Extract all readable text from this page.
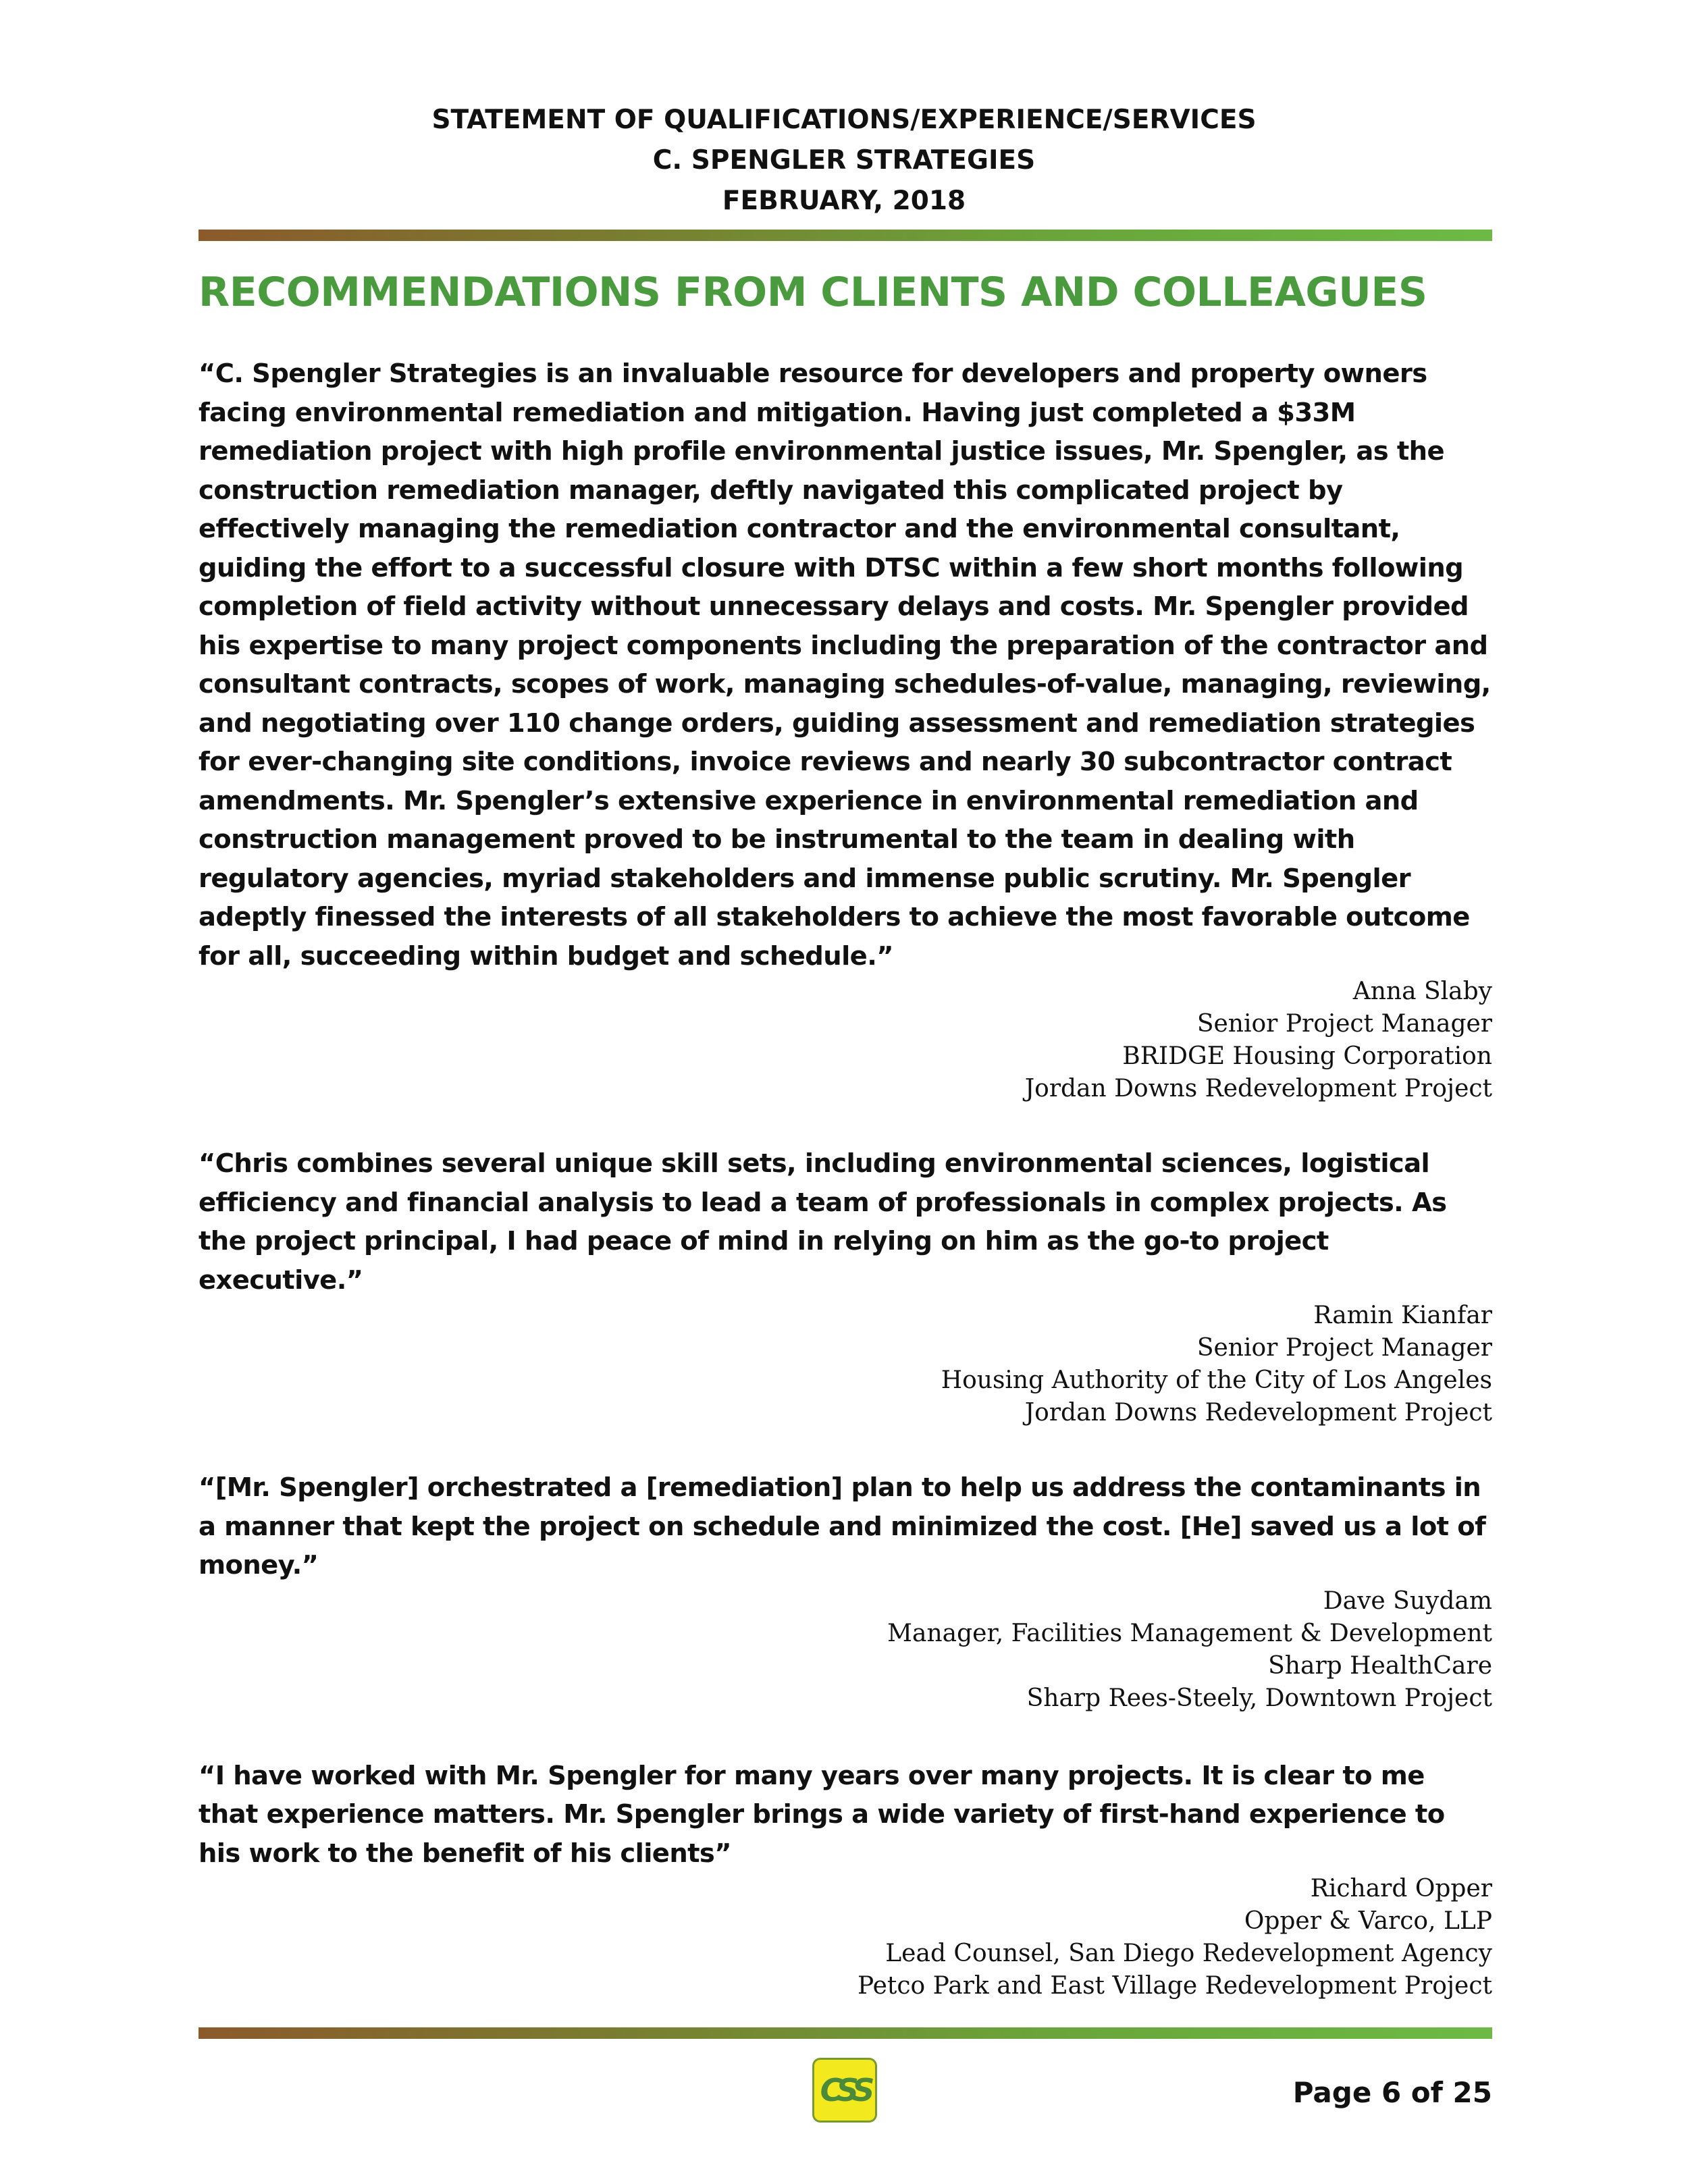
STATEMENT OF QUALIFICATIONS/EXPERIENCE/SERVICES
C. SPENGLER STRATEGIES
FEBRUARY, 2018
RECOMMENDATIONS FROM CLIENTS AND COLLEAGUES
“C. Spengler Strategies is an invaluable resource for developers and property owners facing environmental remediation and mitigation. Having just completed a $33M remediation project with high profile environmental justice issues, Mr. Spengler, as the construction remediation manager, deftly navigated this complicated project by effectively managing the remediation contractor and the environmental consultant, guiding the effort to a successful closure with DTSC within a few short months following completion of field activity without unnecessary delays and costs. Mr. Spengler provided his expertise to many project components including the preparation of the contractor and consultant contracts, scopes of work, managing schedules-of-value, managing, reviewing, and negotiating over 110 change orders, guiding assessment and remediation strategies for ever-changing site conditions, invoice reviews and nearly 30 subcontractor contract amendments. Mr. Spengler’s extensive experience in environmental remediation and construction management proved to be instrumental to the team in dealing with regulatory agencies, myriad stakeholders and immense public scrutiny. Mr. Spengler adeptly finessed the interests of all stakeholders to achieve the most favorable outcome for all, succeeding within budget and schedule.”
Anna Slaby
Senior Project Manager
BRIDGE Housing Corporation
Jordan Downs Redevelopment Project
“Chris combines several unique skill sets, including environmental sciences, logistical efficiency and financial analysis to lead a team of professionals in complex projects. As the project principal, I had peace of mind in relying on him as the go-to project executive.”
Ramin Kianfar
Senior Project Manager
Housing Authority of the City of Los Angeles
Jordan Downs Redevelopment Project
“[Mr. Spengler] orchestrated a [remediation] plan to help us address the contaminants in a manner that kept the project on schedule and minimized the cost. [He] saved us a lot of money.”
Dave Suydam
Manager, Facilities Management & Development
Sharp HealthCare
Sharp Rees-Steely, Downtown Project
“I have worked with Mr. Spengler for many years over many projects. It is clear to me that experience matters. Mr. Spengler brings a wide variety of first-hand experience to his work to the benefit of his clients”
Richard Opper
Opper & Varco, LLP
Lead Counsel, San Diego Redevelopment Agency
Petco Park and East Village Redevelopment Project
CSS	Page 6 of 25
